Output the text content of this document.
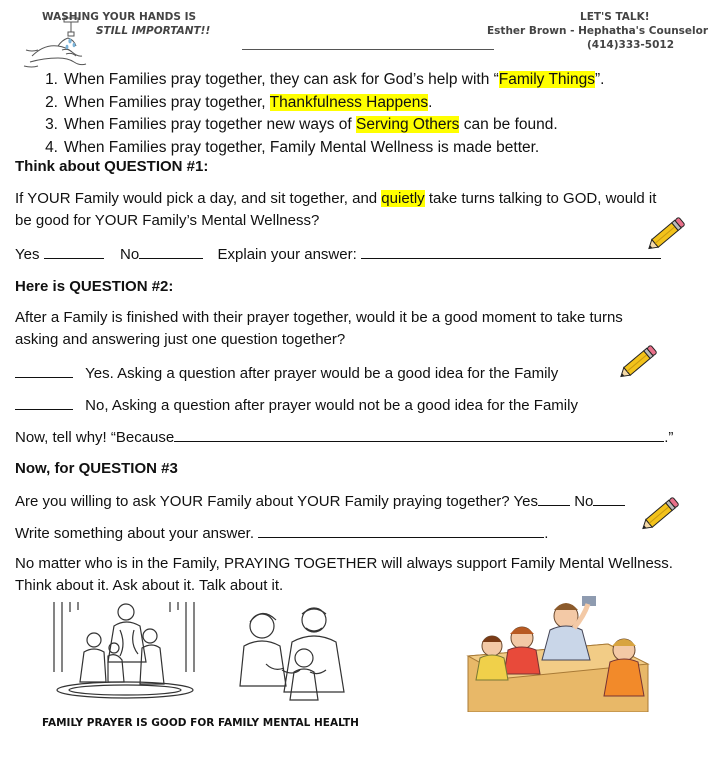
WASHING YOUR HANDS IS
STILL IMPORTANT!!
LET'S TALK!
Esther Brown - Hephatha's Counselor
(414)333-5012
1. When Families pray together, they can ask for God’s help with “Family Things”.
2. When Families pray together, Thankfulness Happens.
3. When Families pray together new ways of Serving Others can be found.
4. When Families pray together, Family Mental Wellness is made better.
Think about QUESTION #1:
If YOUR Family would pick a day, and sit together, and quietly take turns talking to GOD, would it
be good for YOUR Family’s Mental Wellness?
Yes	No	Explain your answer:
Here is QUESTION #2:
After a Family is finished with their prayer together, would it be a good moment to take turns
asking and answering just one question together?
Yes. Asking a question after prayer would be a good idea for the Family
No, Asking a question after prayer would not be a good idea for the Family
Now, tell why! “Because	.”
Now, for QUESTION #3
Are you willing to ask YOUR Family about YOUR Family praying together? Yes No
Write something about your answer.	.
No matter who is in the Family, PRAYING TOGETHER will always support Family Mental Wellness.
Think about it. Ask about it. Talk about it.
FAMILY PRAYER IS GOOD FOR FAMILY MENTAL HEALTH
